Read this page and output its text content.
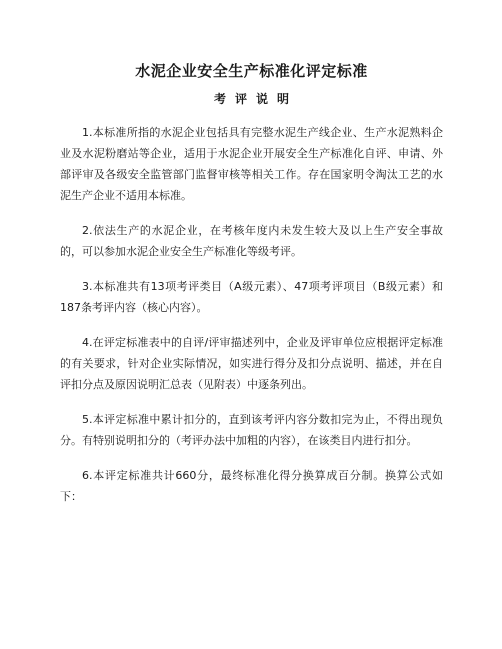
水泥企业安全生产标准化评定标准
考评说明

1.本标准所指的水泥企业包括具有完整水泥生产线企业、生产水泥熟料企业及水泥粉磨站等企业，适用于水泥企业开展安全生产标准化自评、申请、外部评审及各级安全监管部门监督审核等相关工作。存在国家明令淘汰工艺的水泥生产企业不适用本标准。

2.依法生产的水泥企业，在考核年度内未发生较大及以上生产安全事故的，可以参加水泥企业安全生产标准化等级考评。

3.本标准共有13项考评类目（A级元素）、47项考评项目（B级元素）和187条考评内容（核心内容）。

4.在评定标准表中的自评/评审描述列中，企业及评审单位应根据评定标准的有关要求，针对企业实际情况，如实进行得分及扣分点说明、描述，并在自评扣分点及原因说明汇总表（见附表）中逐条列出。

5.本评定标准中累计扣分的，直到该考评内容分数扣完为止，不得出现负分。有特别说明扣分的（考评办法中加粗的内容），在该类目内进行扣分。

6.本评定标准共计660分，最终标准化得分换算成百分制。换算公式如下：
